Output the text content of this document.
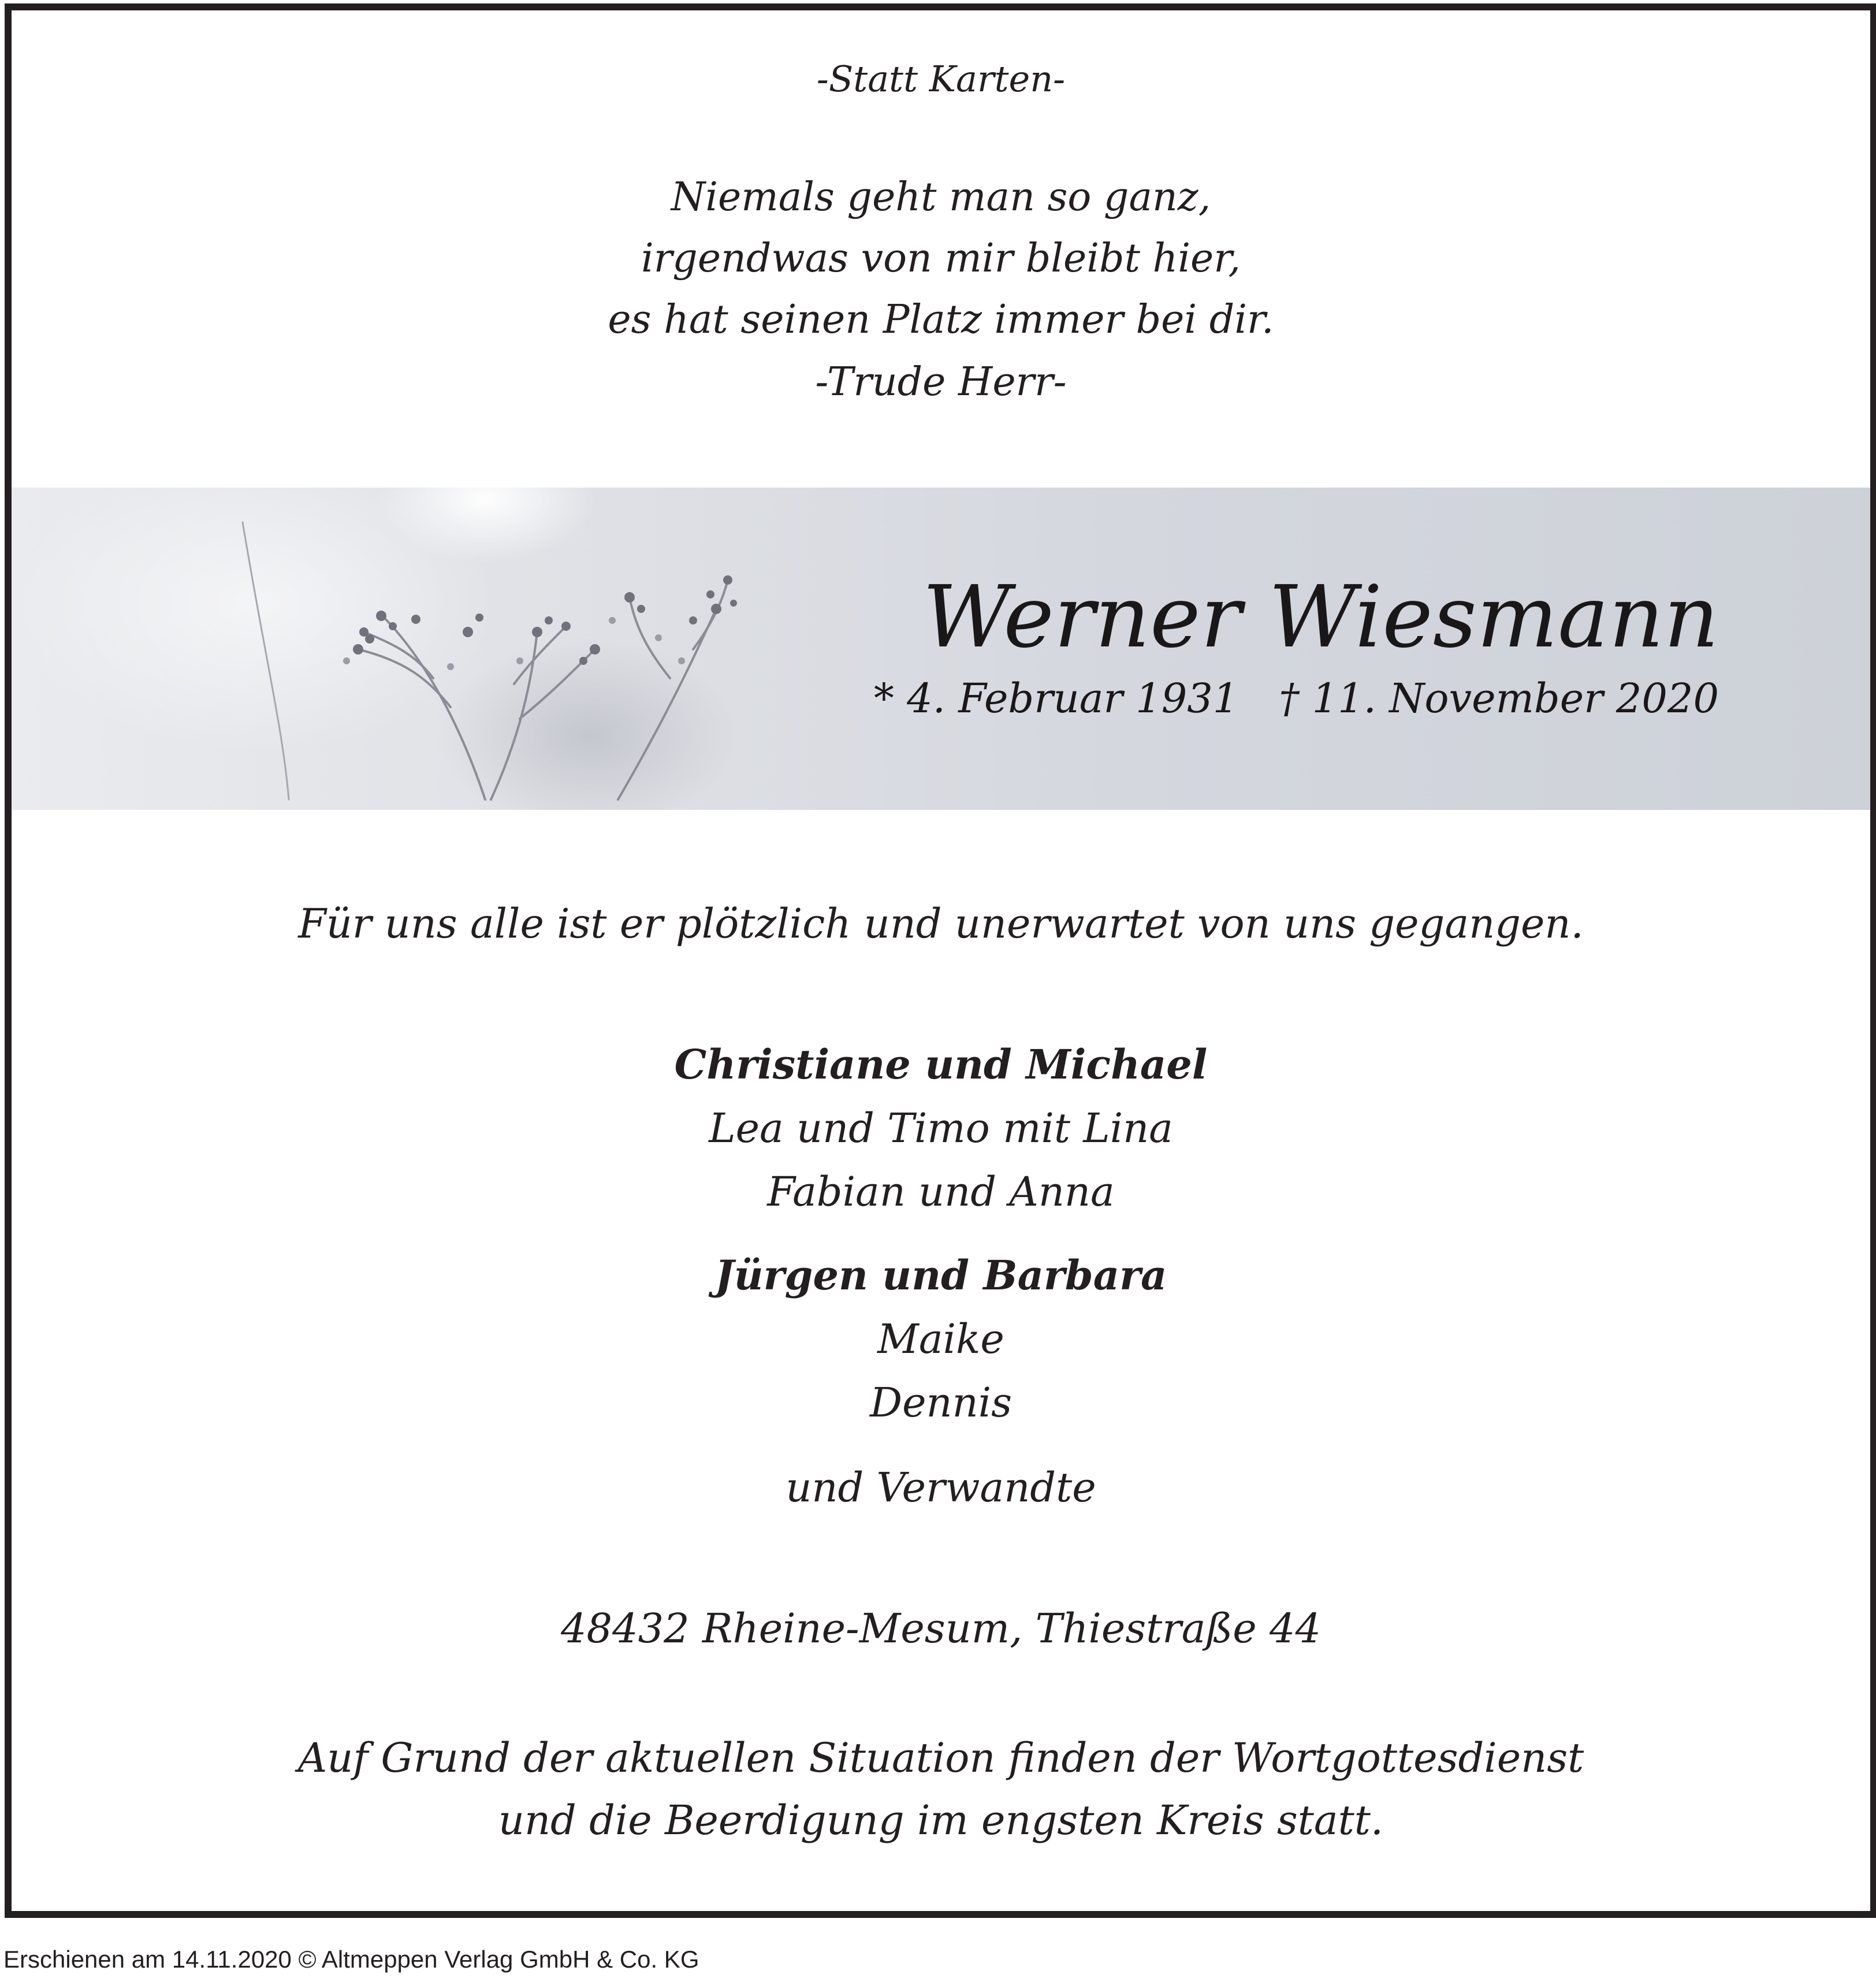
-Statt Karten-
Niemals geht man so ganz,
irgendwas von mir bleibt hier,
es hat seinen Platz immer bei dir.
-Trude Herr-
Werner Wiesmann
* 4. Februar 1931 † 11. November 2020
Für uns alle ist er plötzlich und unerwartet von uns gegangen.
Christiane und Michael
Lea und Timo mit Lina
Fabian und Anna
Jürgen und Barbara
Maike
Dennis
und Verwandte
48432 Rheine-Mesum, Thiestraße 44
Auf Grund der aktuellen Situation finden der Wortgottesdienst
und die Beerdigung im engsten Kreis statt.
Erschienen am 14.11.2020 © Altmeppen Verlag GmbH & Co. KG
